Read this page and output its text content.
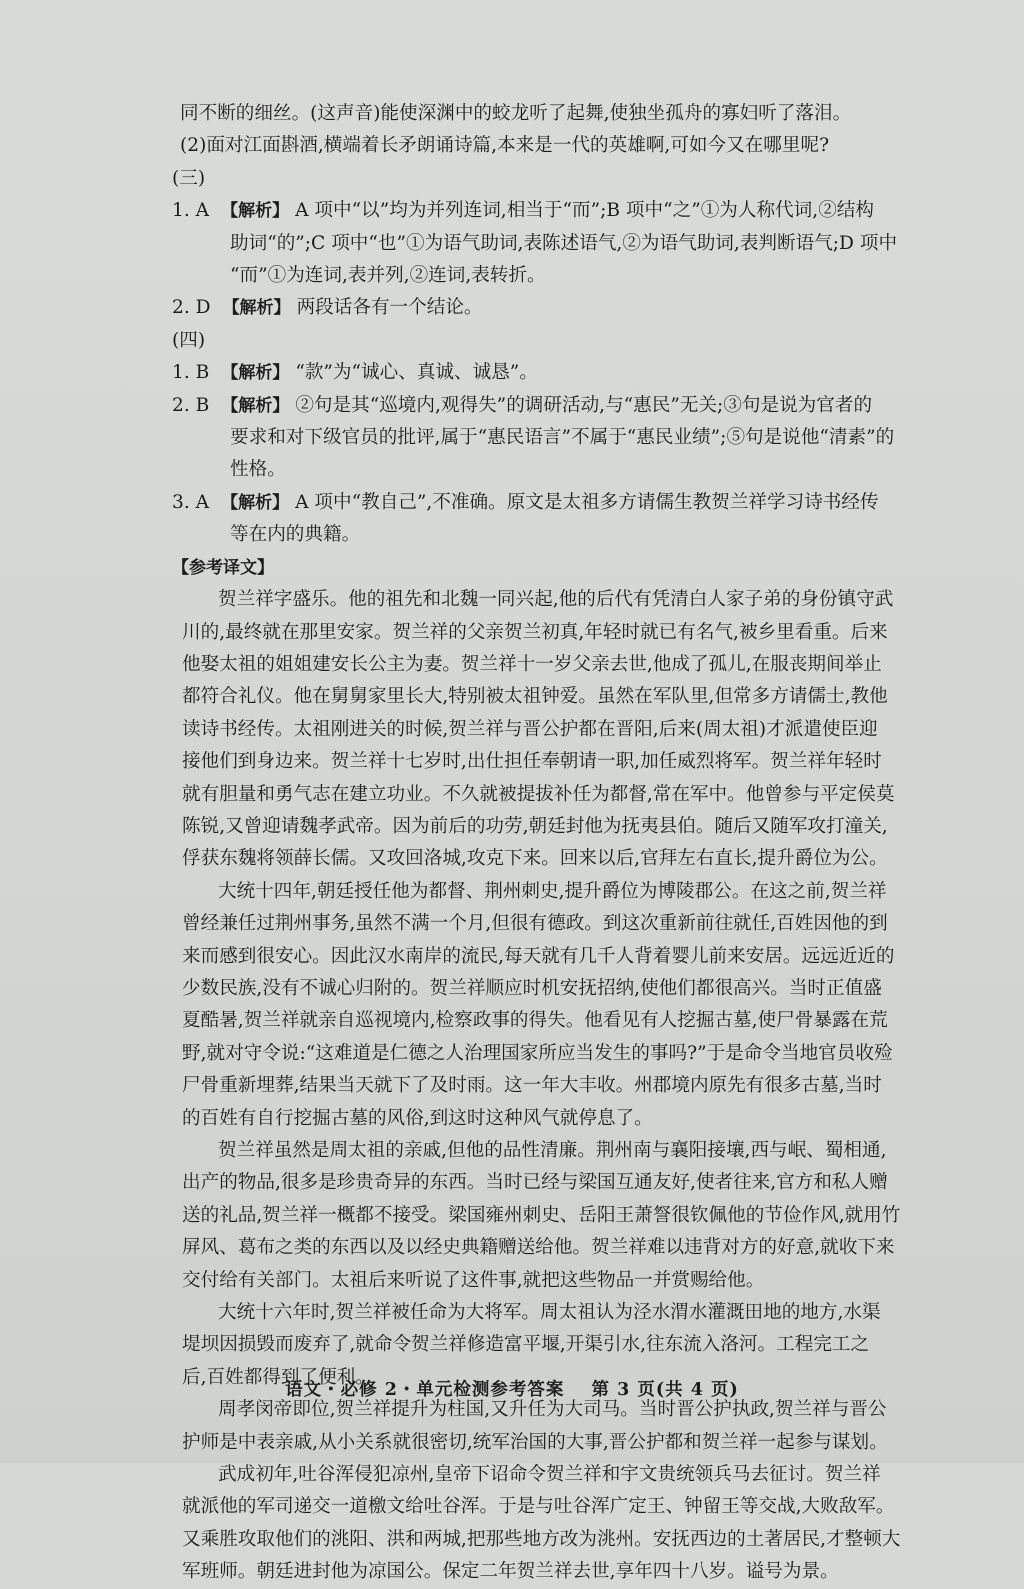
同不断的细丝。(这声音)能使深渊中的蛟龙听了起舞,使独坐孤舟的寡妇听了落泪。
(2)面对江面斟酒,横端着长矛朗诵诗篇,本来是一代的英雄啊,可如今又在哪里呢?
(三)
1. A 【解析】 A 项中“以”均为并列连词,相当于“而”;B 项中“之”①为人称代词,②结构
助词“的”;C 项中“也”①为语气助词,表陈述语气,②为语气助词,表判断语气;D 项中
“而”①为连词,表并列,②连词,表转折。
2. D 【解析】 两段话各有一个结论。
(四)
1. B 【解析】 “款”为“诚心、真诚、诚恳”。
2. B 【解析】 ②句是其“巡境内,观得失”的调研活动,与“惠民”无关;③句是说为官者的
要求和对下级官员的批评,属于“惠民语言”不属于“惠民业绩”;⑤句是说他“清素”的
性格。
3. A 【解析】 A 项中“教自己”,不准确。原文是太祖多方请儒生教贺兰祥学习诗书经传
等在内的典籍。
【参考译文】
贺兰祥字盛乐。他的祖先和北魏一同兴起,他的后代有凭清白人家子弟的身份镇守武
川的,最终就在那里安家。贺兰祥的父亲贺兰初真,年轻时就已有名气,被乡里看重。后来
他娶太祖的姐姐建安长公主为妻。贺兰祥十一岁父亲去世,他成了孤儿,在服丧期间举止
都符合礼仪。他在舅舅家里长大,特别被太祖钟爱。虽然在军队里,但常多方请儒士,教他
读诗书经传。太祖刚进关的时候,贺兰祥与晋公护都在晋阳,后来(周太祖)才派遣使臣迎
接他们到身边来。贺兰祥十七岁时,出仕担任奉朝请一职,加任威烈将军。贺兰祥年轻时
就有胆量和勇气志在建立功业。不久就被提拔补任为都督,常在军中。他曾参与平定侯莫
陈锐,又曾迎请魏孝武帝。因为前后的功劳,朝廷封他为抚夷县伯。随后又随军攻打潼关,
俘获东魏将领薛长儒。又攻回洛城,攻克下来。回来以后,官拜左右直长,提升爵位为公。
大统十四年,朝廷授任他为都督、荆州刺史,提升爵位为博陵郡公。在这之前,贺兰祥
曾经兼任过荆州事务,虽然不满一个月,但很有德政。到这次重新前往就任,百姓因他的到
来而感到很安心。因此汉水南岸的流民,每天就有几千人背着婴儿前来安居。远远近近的
少数民族,没有不诚心归附的。贺兰祥顺应时机安抚招纳,使他们都很高兴。当时正值盛
夏酷暑,贺兰祥就亲自巡视境内,检察政事的得失。他看见有人挖掘古墓,使尸骨暴露在荒
野,就对守令说:“这难道是仁德之人治理国家所应当发生的事吗?”于是命令当地官员收殓
尸骨重新埋葬,结果当天就下了及时雨。这一年大丰收。州郡境内原先有很多古墓,当时
的百姓有自行挖掘古墓的风俗,到这时这种风气就停息了。
贺兰祥虽然是周太祖的亲戚,但他的品性清廉。荆州南与襄阳接壤,西与岷、蜀相通,
出产的物品,很多是珍贵奇异的东西。当时已经与梁国互通友好,使者往来,官方和私人赠
送的礼品,贺兰祥一概都不接受。梁国雍州刺史、岳阳王萧詧很钦佩他的节俭作风,就用竹
屏风、葛布之类的东西以及以经史典籍赠送给他。贺兰祥难以违背对方的好意,就收下来
交付给有关部门。太祖后来听说了这件事,就把这些物品一并赏赐给他。
大统十六年时,贺兰祥被任命为大将军。周太祖认为泾水渭水灌溉田地的地方,水渠
堤坝因损毁而废弃了,就命令贺兰祥修造富平堰,开渠引水,往东流入洛河。工程完工之
后,百姓都得到了便利。
周孝闵帝即位,贺兰祥提升为柱国,又升任为大司马。当时晋公护执政,贺兰祥与晋公
护师是中表亲戚,从小关系就很密切,统军治国的大事,晋公护都和贺兰祥一起参与谋划。
武成初年,吐谷浑侵犯凉州,皇帝下诏命令贺兰祥和宇文贵统领兵马去征讨。贺兰祥
就派他的军司递交一道檄文给吐谷浑。于是与吐谷浑广定王、钟留王等交战,大败敌军。
又乘胜攻取他们的洮阳、洪和两城,把那些地方改为洮州。安抚西边的土著居民,才整顿大
军班师。朝廷进封他为凉国公。保定二年贺兰祥去世,享年四十八岁。谥号为景。
语文・必修 2・单元检测参考答案 第 3 页(共 4 页)
